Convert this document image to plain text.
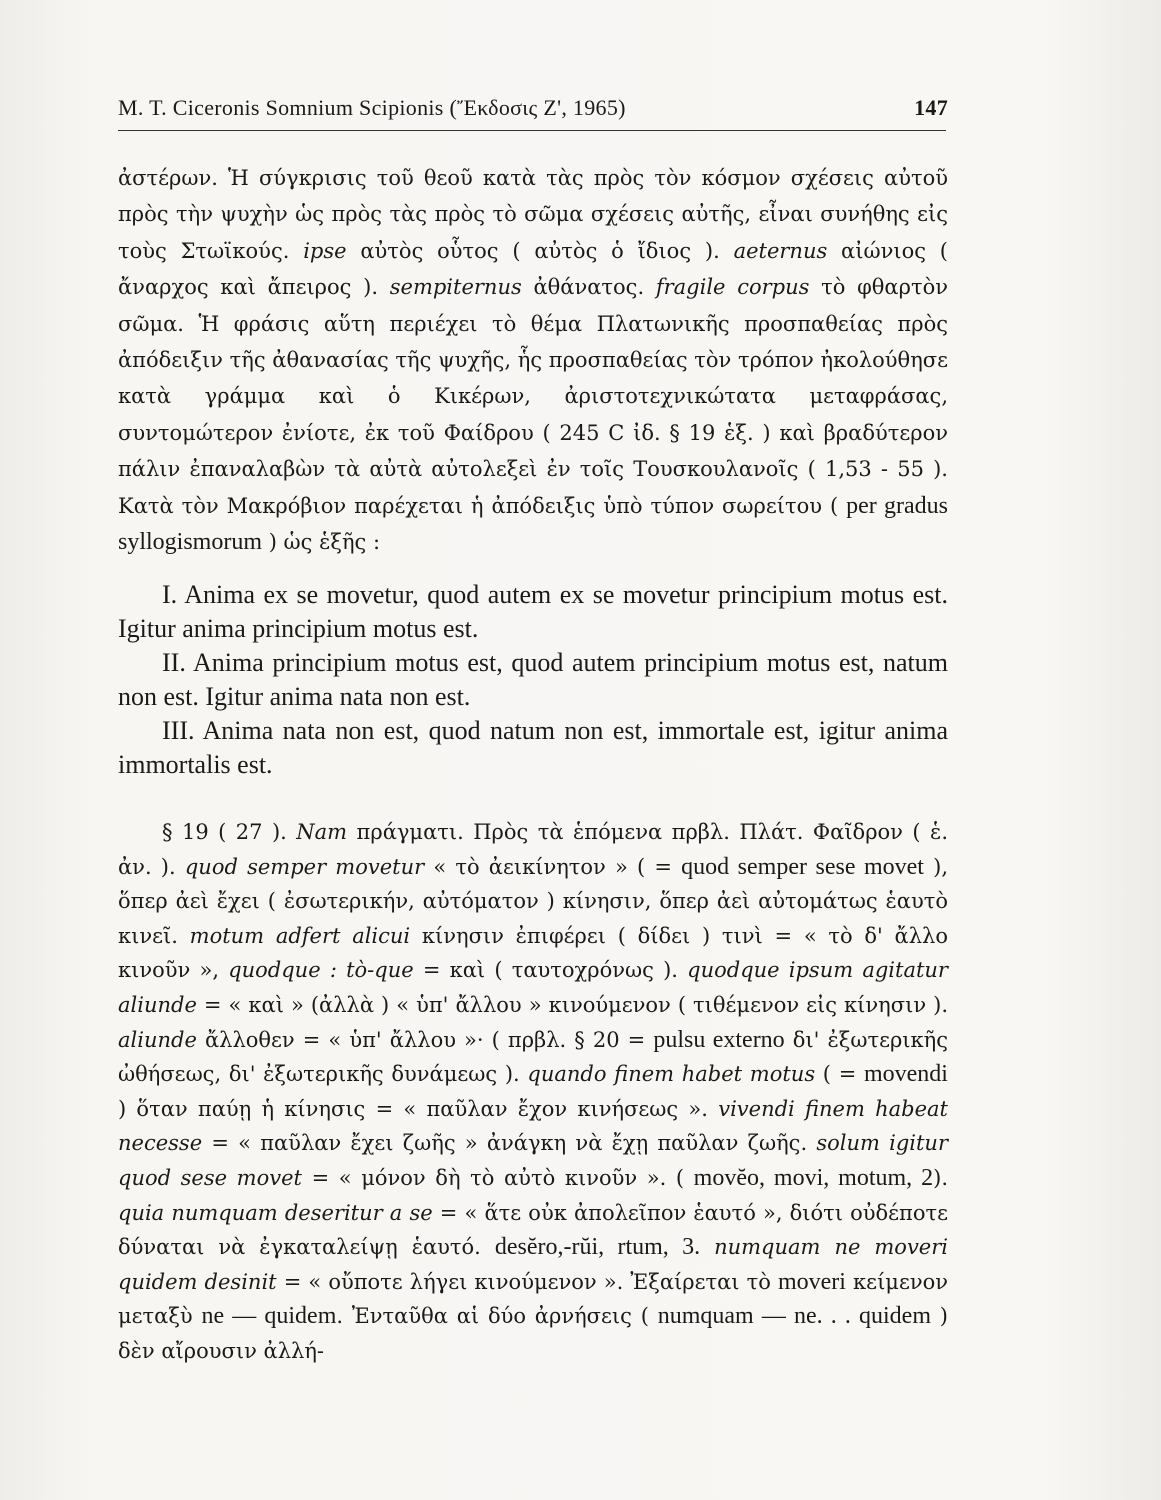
M. T. Ciceronis Somnium Scipionis (Ἔκδοσις Ζ', 1965)	147
ἀστέρων. Ἡ σύγκρισις τοῦ θεοῦ κατὰ τὰς πρὸς τὸν κόσμον σχέσεις αὐτοῦ πρὸς τὴν ψυχὴν ὡς πρὸς τὰς πρὸς τὸ σῶμα σχέσεις αὐτῆς, εἶναι συνήθης εἰς τοὺς Στωϊκούς. ipse αὐτὸς οὗτος ( αὐτὸς ὁ ἴδιος ). aeternus αἰώνιος ( ἄναρχος καὶ ἄπειρος ). sempiternus ἀθάνατος. fragile corpus τὸ φθαρτὸν σῶμα. Ἡ φράσις αὕτη περιέχει τὸ θέμα Πλατωνικῆς προσπαθείας πρὸς ἀπόδειξιν τῆς ἀθανασίας τῆς ψυχῆς, ἧς προσπαθείας τὸν τρόπον ἠκολούθησε κατὰ γράμμα καὶ ὁ Κικέρων, ἀριστοτεχνικώτατα μεταφράσας, συντομώτερον ἐνίοτε, ἐκ τοῦ Φαίδρου ( 245 C ἰδ. § 19 ἑξ. ) καὶ βραδύτερον πάλιν ἐπαναλαβὼν τὰ αὐτὰ αὐτολεξεὶ ἐν τοῖς Τουσκουλανοῖς ( 1,53 - 55 ). Κατὰ τὸν Μακρόβιον παρέχεται ἡ ἀπόδειξις ὑπὸ τύπον σωρείτου ( per gradus syllogismorum ) ὡς ἑξῆς :
I. Anima ex se movetur, quod autem ex se movetur principium motus est. Igitur anima principium motus est.
II. Anima principium motus est, quod autem principium motus est, natum non est. Igitur anima nata non est.
III. Anima nata non est, quod natum non est, immortale est, igitur anima immortalis est.
§ 19 ( 27 ). Nam πράγματι. Πρὸς τὰ ἑπόμενα πρβλ. Πλάτ. Φαῖδρον ( ἑ. ἀν. ). quod semper movetur « τὸ ἀεικίνητον » ( = quod semper sese movet ), ὅπερ ἀεὶ ἔχει ( ἐσωτερικήν, αὐτόματον ) κίνησιν, ὅπερ ἀεὶ αὐτομάτως ἑαυτὸ κινεῖ. motum adfert alicui κίνησιν ἐπιφέρει ( δίδει ) τινὶ = « τὸ δ' ἄλλο κινοῦν », quodque : tò-que = καὶ ( ταυτοχρόνως ). quodque ipsum agitatur aliunde = « καὶ » (ἀλλὰ ) « ὑπ' ἄλλου » κινούμενον ( τιθέμενον εἰς κίνησιν ). aliunde ἄλλοθεν = « ὑπ' ἄλλου »· ( πρβλ. § 20 = pulsu externo δι' ἐξωτερικῆς ὠθήσεως, δι' ἐξωτερικῆς δυνάμεως ). quando finem habet motus ( = movendi ) ὅταν παύῃ ἡ κίνησις = « παῦλαν ἔχον κινήσεως ». vivendi finem habeat necesse = « παῦλαν ἔχει ζωῆς » ἀνάγκη νὰ ἔχῃ παῦλαν ζωῆς. solum igitur quod sese movet = « μόνον δὴ τὸ αὐτὸ κινοῦν ». ( movĕo, movi, motum, 2). quia numquam deseritur a se = « ἅτε οὐκ ἀπολεῖπον ἑαυτό », διότι οὐδέποτε δύναται νὰ ἐγκαταλείψῃ ἑαυτό. desĕro,-rŭi, rtum, 3. numquam ne moveri quidem desinit = « οὔποτε λήγει κινούμενον ». Ἐξαίρεται τὸ moveri κείμενον μεταξὺ ne — quidem. Ἐνταῦθα αἱ δύο ἀρνήσεις ( numquam — ne. . . quidem ) δὲν αἴρουσιν ἀλλή-
